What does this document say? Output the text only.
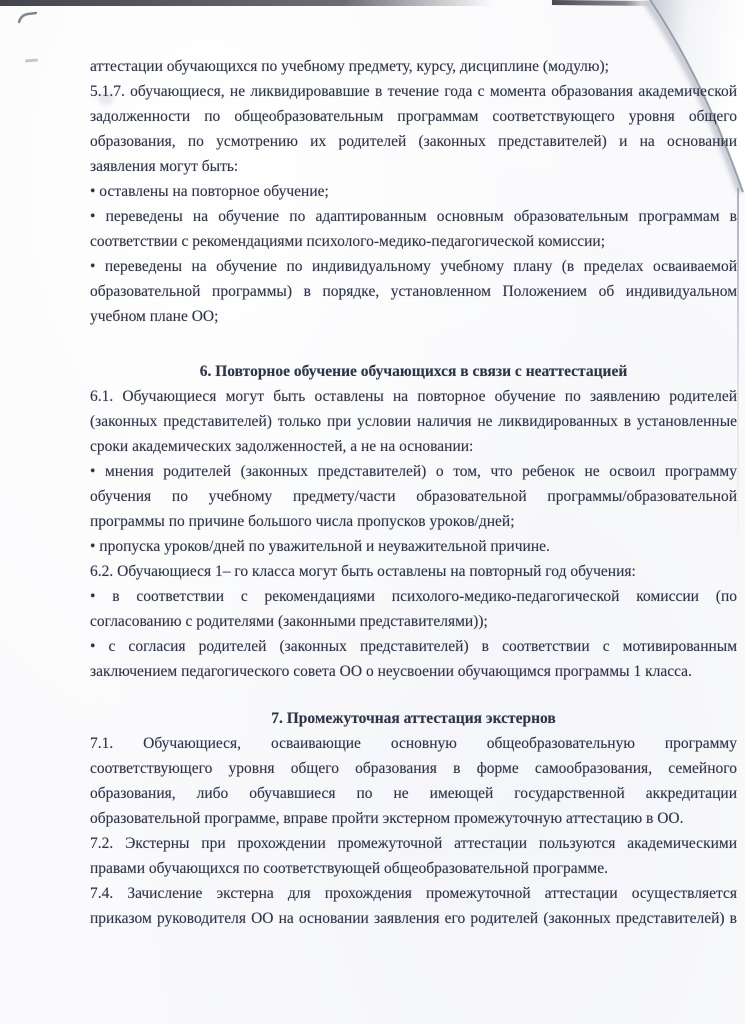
аттестации обучающихся по учебному предмету, курсу, дисциплине (модулю);
5.1.7. обучающиеся, не ликвидировавшие в течение года с момента образования академической
задолженности по общеобразовательным программам соответствующего уровня общего
образования, по усмотрению их родителей (законных представителей) и на основании
заявления могут быть:
• оставлены на повторное обучение;
• переведены на обучение по адаптированным основным образовательным программам в
соответствии с рекомендациями психолого-медико-педагогической комиссии;
• переведены на обучение по индивидуальному учебному плану (в пределах осваиваемой
образовательной программы) в порядке, установленном Положением об индивидуальном
учебном плане ОО;
6. Повторное обучение обучающихся в связи с неаттестацией
6.1. Обучающиеся могут быть оставлены на повторное обучение по заявлению родителей
(законных представителей) только при условии наличия не ликвидированных в установленные
сроки академических задолженностей, а не на основании:
• мнения родителей (законных представителей) о том, что ребенок не освоил программу
обучения по учебному предмету/части образовательной программы/образовательной
программы по причине большого числа пропусков уроков/дней;
• пропуска уроков/дней по уважительной и неуважительной причине.
6.2. Обучающиеся 1– го класса могут быть оставлены на повторный год обучения:
• в соответствии с рекомендациями психолого-медико-педагогической комиссии (по
согласованию с родителями (законными представителями));
• с согласия родителей (законных представителей) в соответствии с мотивированным
заключением педагогического совета ОО о неусвоении обучающимся программы 1 класса.
7. Промежуточная аттестация экстернов
7.1. Обучающиеся, осваивающие основную общеобразовательную программу
соответствующего уровня общего образования в форме самообразования, семейного
образования, либо обучавшиеся по не имеющей государственной аккредитации
образовательной программе, вправе пройти экстерном промежуточную аттестацию в ОО.
7.2. Экстерны при прохождении промежуточной аттестации пользуются академическими
правами обучающихся по соответствующей общеобразовательной программе.
7.4. Зачисление экстерна для прохождения промежуточной аттестации осуществляется
приказом руководителя ОО на основании заявления его родителей (законных представителей) в
